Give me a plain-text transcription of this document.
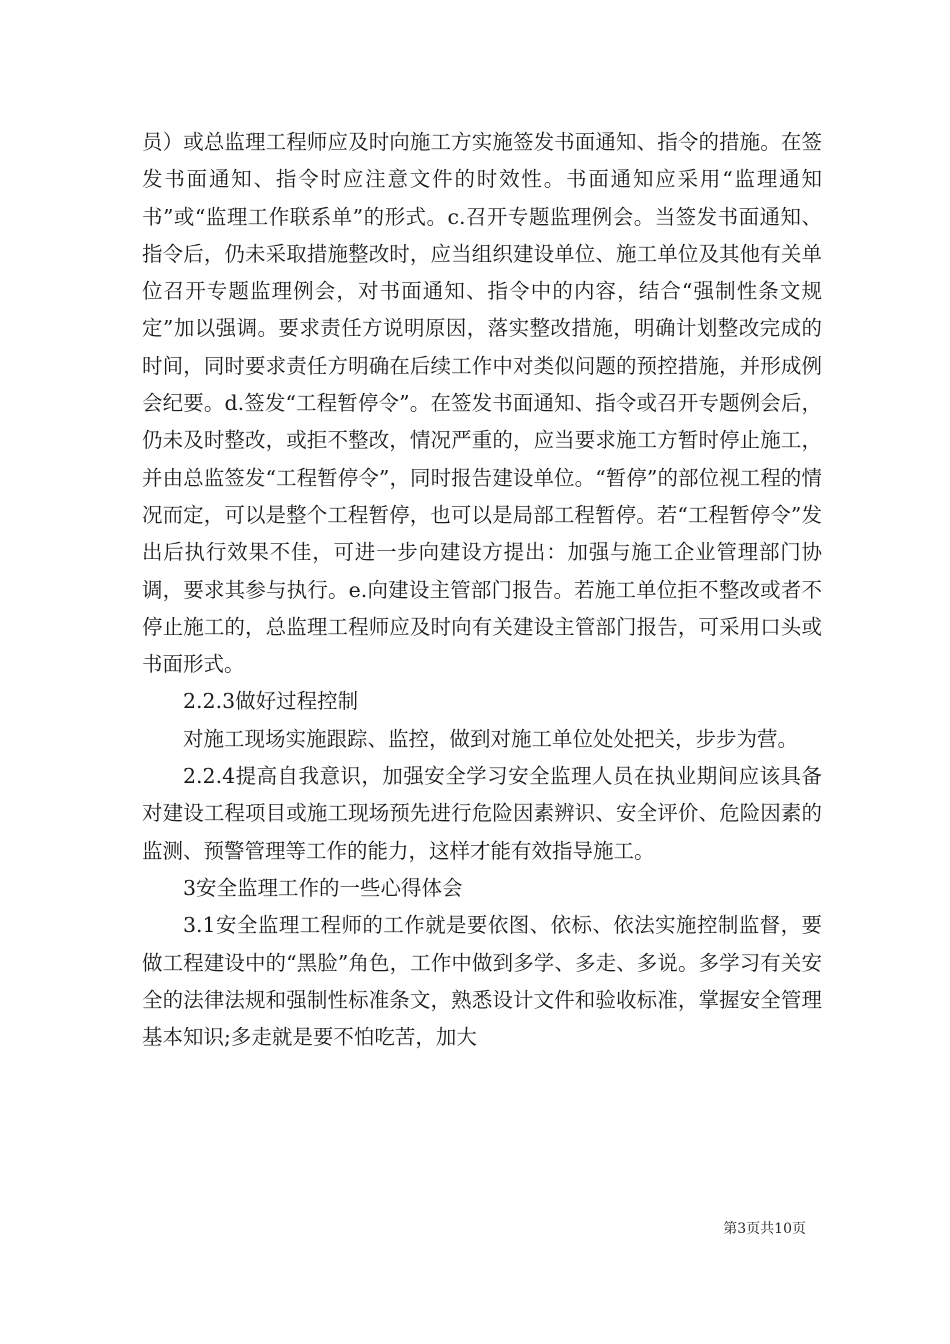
员）或总监理工程师应及时向施工方实施签发书面通知、指令的措施。在签发书面通知、指令时应注意文件的时效性。书面通知应采用“监理通知书”或“监理工作联系单”的形式。c.召开专题监理例会。当签发书面通知、指令后，仍未采取措施整改时，应当组织建设单位、施工单位及其他有关单位召开专题监理例会，对书面通知、指令中的内容，结合“强制性条文规定”加以强调。要求责任方说明原因，落实整改措施，明确计划整改完成的时间，同时要求责任方明确在后续工作中对类似问题的预控措施，并形成例会纪要。d.签发“工程暂停令”。在签发书面通知、指令或召开专题例会后，仍未及时整改，或拒不整改，情况严重的，应当要求施工方暂时停止施工，并由总监签发“工程暂停令”，同时报告建设单位。“暂停”的部位视工程的情况而定，可以是整个工程暂停，也可以是局部工程暂停。若“工程暂停令”发出后执行效果不佳，可进一步向建设方提出：加强与施工企业管理部门协调，要求其参与执行。e.向建设主管部门报告。若施工单位拒不整改或者不停止施工的，总监理工程师应及时向有关建设主管部门报告，可采用口头或书面形式。

2.2.3做好过程控制

对施工现场实施跟踪、监控，做到对施工单位处处把关，步步为营。

2.2.4提高自我意识，加强安全学习安全监理人员在执业期间应该具备对建设工程项目或施工现场预先进行危险因素辨识、安全评价、危险因素的监测、预警管理等工作的能力，这样才能有效指导施工。

3安全监理工作的一些心得体会

3.1安全监理工程师的工作就是要依图、依标、依法实施控制监督，要做工程建设中的“黑脸”角色，工作中做到多学、多走、多说。多学习有关安全的法律法规和强制性标准条文，熟悉设计文件和验收标准，掌握安全管理基本知识;多走就是要不怕吃苦，加大

第3页共10页
